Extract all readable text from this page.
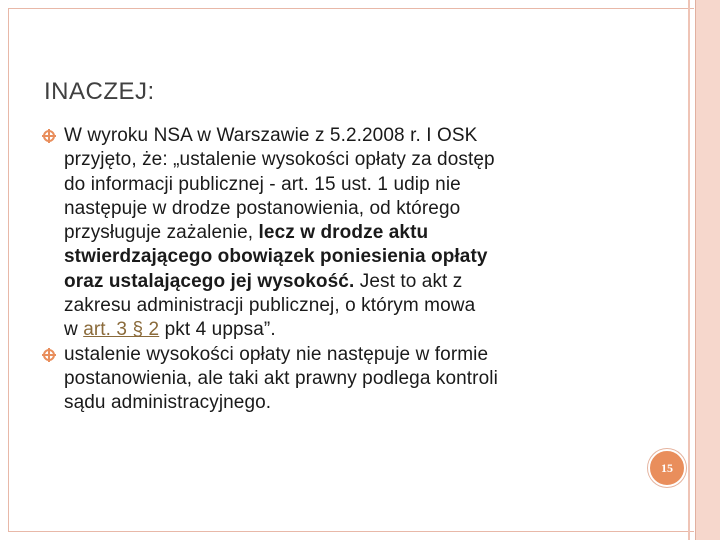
INACZEJ:
W wyroku NSA w Warszawie z 5.2.2008 r. I OSK
przyjęto, że: „ustalenie wysokości opłaty za dostęp
do informacji publicznej - art. 15 ust. 1 udip nie
następuje w drodze postanowienia, od którego
przysługuje zażalenie, lecz w drodze aktu
stwierdzającego obowiązek poniesienia opłaty
oraz ustalającego jej wysokość. Jest to akt z
zakresu administracji publicznej, o którym mowa
w art. 3 § 2 pkt 4 uppsa”.
ustalenie wysokości opłaty nie następuje w formie
postanowienia, ale taki akt prawny podlega kontroli
sądu administracyjnego.
15
